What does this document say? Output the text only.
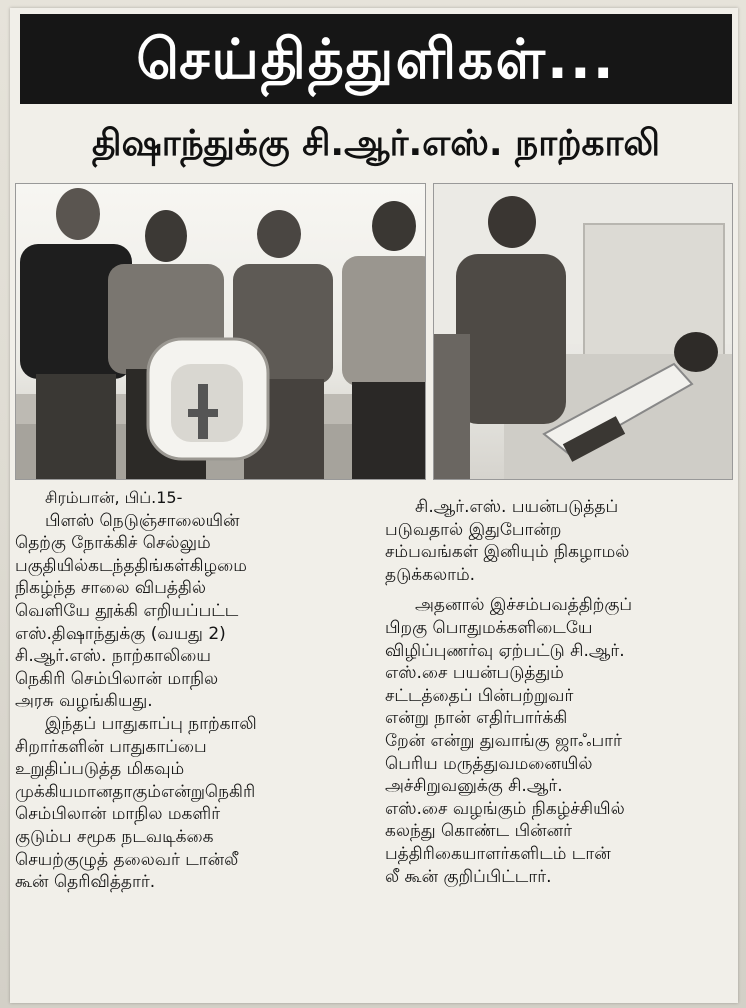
செய்தித்துளிகள்...
திஷாந்துக்கு சி.ஆர்.எஸ். நாற்காலி
சிரம்பான், பிப்.15-
பிளஸ் நெடுஞ்சாலையின்
தெற்கு நோக்கிச் செல்லும்
பகுதியில்கடந்ததிங்கள்கிழமை
நிகழ்ந்த சாலை விபத்தில்
வெளியே தூக்கி எறியப்பட்ட
எஸ்.திஷாந்துக்கு (வயது 2)
சி.ஆர்.எஸ். நாற்காலியை
நெகிரி செம்பிலான் மாநில
அரசு வழங்கியது.
இந்தப் பாதுகாப்பு நாற்காலி
சிறார்களின் பாதுகாப்பை
உறுதிப்படுத்த மிகவும்
முக்கியமானதாகும்என்றுநெகிரி
செம்பிலான் மாநில மகளிர்
குடும்ப சமூக நடவடிக்கை
செயற்குழுத் தலைவர் டான்லீ
கூன் தெரிவித்தார்.
சி.ஆர்.எஸ். பயன்படுத்தப்
படுவதால் இதுபோன்ற
சம்பவங்கள் இனியும் நிகழாமல்
தடுக்கலாம்.
அதனால் இச்சம்பவத்திற்குப்
பிறகு பொதுமக்களிடையே
விழிப்புணர்வு ஏற்பட்டு சி.ஆர்.
எஸ்.சை பயன்படுத்தும்
சட்டத்தைப் பின்பற்றுவர்
என்று நான் எதிர்பார்க்கி
றேன் என்று துவாங்கு ஜாஃபார்
பெரிய மருத்துவமனையில்
அச்சிறுவனுக்கு சி.ஆர்.
எஸ்.சை வழங்கும் நிகழ்ச்சியில்
கலந்து கொண்ட பின்னர்
பத்திரிகையாளர்களிடம் டான்
லீ கூன் குறிப்பிட்டார்.
